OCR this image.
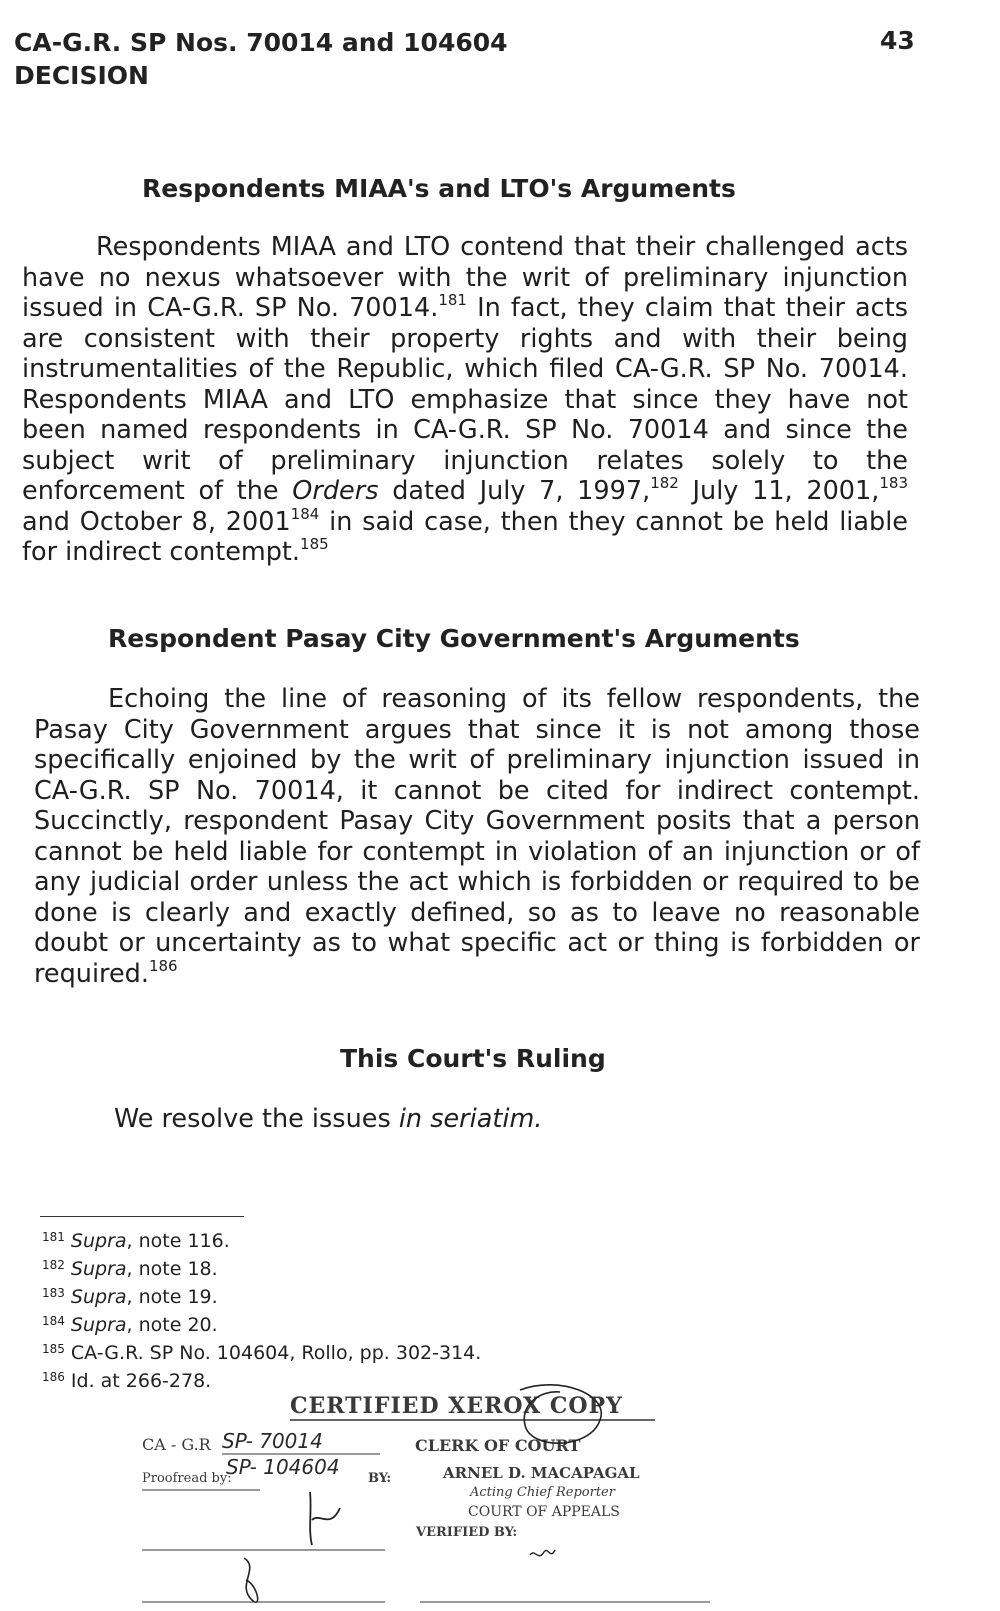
CA-G.R. SP Nos. 70014 and 104604
DECISION
43
Respondents MIAA's and LTO's Arguments

Respondents MIAA and LTO contend that their challenged acts have no nexus whatsoever with the writ of preliminary injunction issued in CA-G.R. SP No. 70014.$^{181}$ In fact, they claim that their acts are consistent with their property rights and with their being instrumentalities of the Republic, which filed CA-G.R. SP No. 70014. Respondents MIAA and LTO emphasize that since they have not been named respondents in CA-G.R. SP No. 70014 and since the subject writ of preliminary injunction relates solely to the enforcement of the Orders dated July 7, 1997,$^{182}$ July 11, 2001,$^{183}$ and October 8, 2001$^{184}$ in said case, then they cannot be held liable for indirect contempt.$^{185}$

Respondent Pasay City Government's Arguments

Echoing the line of reasoning of its fellow respondents, the Pasay City Government argues that since it is not among those specifically enjoined by the writ of preliminary injunction issued in CA-G.R. SP No. 70014, it cannot be cited for indirect contempt. Succinctly, respondent Pasay City Government posits that a person cannot be held liable for contempt in violation of an injunction or of any judicial order unless the act which is forbidden or required to be done is clearly and exactly defined, so as to leave no reasonable doubt or uncertainty as to what specific act or thing is forbidden or required.$^{186}$

This Court's Ruling

We resolve the issues in seriatim.

$^{181}$ Supra, note 116.
$^{182}$ Supra, note 18.
$^{183}$ Supra, note 19.
$^{184}$ Supra, note 20.
$^{185}$ CA-G.R. SP No. 104604, Rollo, pp. 302-314.
$^{186}$ Id. at 266-278.
CERTIFIED XEROX COPY
CA - G.R SP- 70014
SP- 104604
CLERK OF COURT
Proofread by:	BY:	ARNEL D. MACAPAGAL
Acting Chief Reporter
COURT OF APPEALS
VERIFIED BY:
